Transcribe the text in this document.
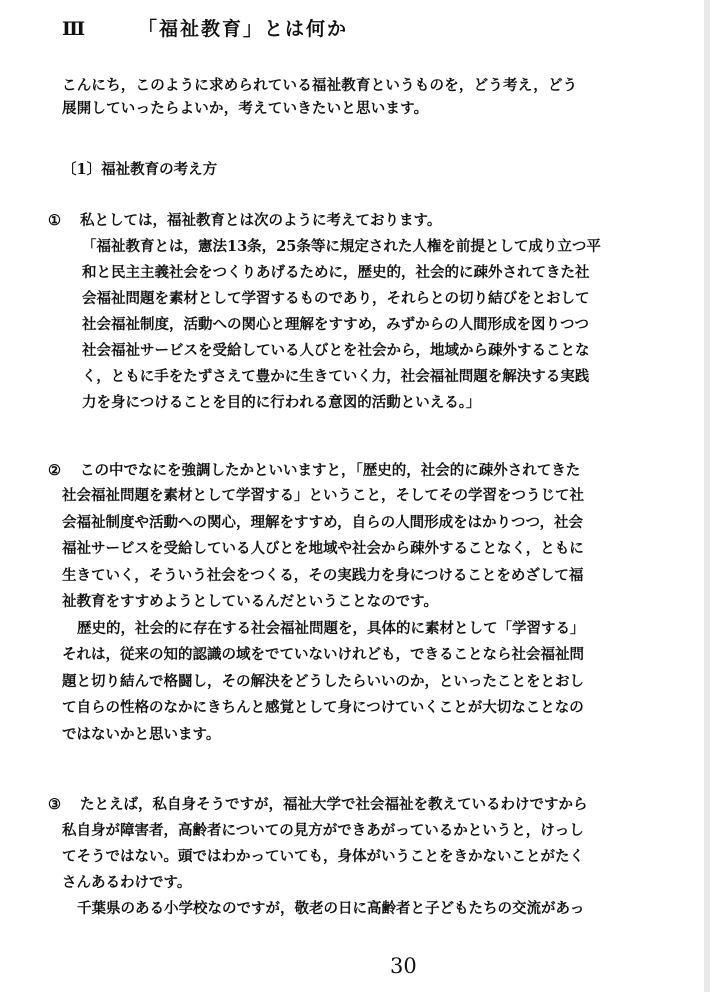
Ⅲ	「福祉教育」とは何か
こんにち，このように求められている福祉教育というものを，どう考え，どう
展開していったらよいか，考えていきたいと思います。
〔1〕福祉教育の考え方
①	私としては，福祉教育とは次のように考えております。
「福祉教育とは，憲法13条，25条等に規定された人権を前提として成り立つ平
和と民主主義社会をつくりあげるために，歴史的，社会的に疎外されてきた社
会福祉問題を素材として学習するものであり，それらとの切り結びをとおして
社会福祉制度，活動への関心と理解をすすめ，みずからの人間形成を図りつつ
社会福祉サービスを受給している人びとを社会から，地域から疎外することな
く，ともに手をたずさえて豊かに生きていく力，社会福祉問題を解決する実践
力を身につけることを目的に行われる意図的活動といえる。」
②	この中でなにを強調したかといいますと，「歴史的，社会的に疎外されてきた
社会福祉問題を素材として学習する」ということ，そしてその学習をつうじて社
会福祉制度や活動への関心，理解をすすめ，自らの人間形成をはかりつつ，社会
福祉サービスを受給している人びとを地域や社会から疎外することなく，ともに
生きていく，そういう社会をつくる，その実践力を身につけることをめざして福
祉教育をすすめようとしているんだということなのです。
歴史的，社会的に存在する社会福祉問題を，具体的に素材として「学習する」
それは，従来の知的認識の域をでていないけれども，できることなら社会福祉問
題と切り結んで格闘し，その解決をどうしたらいいのか，といったことをとおし
て自らの性格のなかにきちんと感覚として身につけていくことが大切なことなの
ではないかと思います。
③	たとえば，私自身そうですが，福祉大学で社会福祉を教えているわけですから
私自身が障害者，高齢者についての見方ができあがっているかというと，けっし
てそうではない。頭ではわかっていても，身体がいうことをきかないことがたく
さんあるわけです。
千葉県のある小学校なのですが，敬老の日に高齢者と子どもたちの交流があっ
30
